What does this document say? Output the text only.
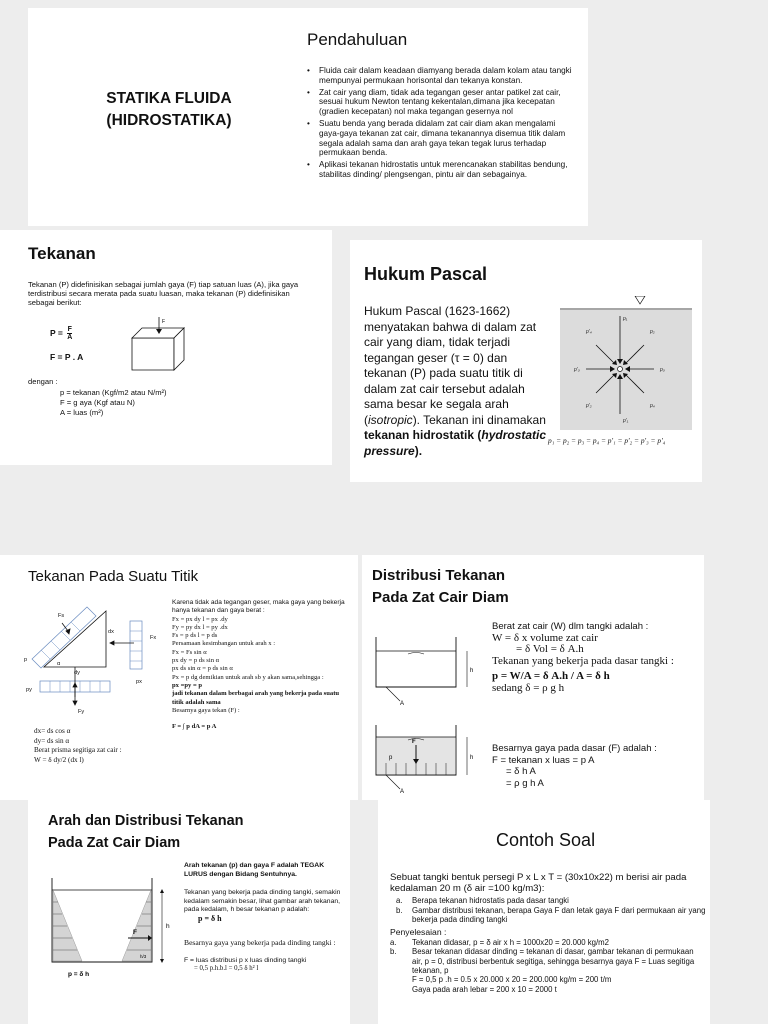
STATIKA FLUIDA
(HIDROSTATIKA)
Pendahuluan
• Fluida cair dalam keadaan diamyang berada dalam kolam atau tangki mempunyai permukaan horisontal dan tekanya konstan.
• Zat cair yang diam, tidak ada tegangan geser antar patikel zat cair, sesuai hukum Newton tentang kekentalan,dimana jika kecepatan (gradien kecepatan) nol maka tegangan gesernya nol
• Suatu benda yang berada didalam zat cair diam akan mengalami gaya-gaya tekanan zat cair, dimana tekanannya disemua titik dalam segala adalah sama dan arah gaya tekan tegak lurus terhadap permukaan benda.
• Aplikasi tekanan hidrostatis untuk merencanakan stabilitas bendung, stabilitas dinding/ plengsengan, pintu air dan sebagainya.
Tekanan
Tekanan (P) didefinisikan sebagai jumlah gaya (F) tiap satuan luas (A), jika gaya terdistribusi secara merata pada suatu luasan, maka tekanan (P) didefinisikan sebagai berikut:
$P = \frac{F}{A}$
F = P . A
F
dengan :
p = tekanan (Kgf/m2 atau N/m²)
F = g aya (Kgf atau N)
A = luas (m²)
Hukum Pascal
Hukum Pascal (1623-1662) menyatakan bahwa di dalam zat cair yang diam, tidak terjadi tegangan geser (τ = 0) dan tekanan (P) pada suatu titik di dalam zat cair tersebut adalah sama besar ke segala arah (isotropic). Tekanan ini dinamakan tekanan hidrostatik (hydrostatic pressure).
p₁
p₂
p₃
p₄
p'₁
p'₂
p'₃
p'₄
p₁ = p₂ = p₃ = p₄ = p'₁ = p'₂ = p'₃ = p'₄
Tekanan Pada Suatu Titik
Fs
dx
dy
Fx
px
py
Fy
p
α
dx= ds cos α
dy= ds sin α
Berat prisma segitiga zat cair :
W = δ dy/2 (dx l)
Karena tidak ada tegangan geser, maka gaya yang bekerja hanya tekanan dan gaya berat :
Fx = px dy l = px .dy
Fy = py dx l = py .dx
Fs = p ds l = p ds
Persamaan kesimbangan untuk arah x :
Fx = Fs sin α
px dy = p ds sin α
px ds sin α = p ds sin α
Px = p dg demikian untuk arah sb y akan sama,sehingga :
px =py = p
jadi tekanan dalam berbagai arah yang bekerja pada suatu titik adalah sama
Besarnya gaya tekan (F) :
F = ∫ p dA = p A
Distribusi Tekanan
Pada Zat Cair Diam
h
A
F
p	h
A
Berat zat cair (W) dlm tangki adalah :
W = δ x volume zat cair
= δ Vol = δ A.h
Tekanan yang bekerja pada dasar tangki :
p = W/A = δ A.h / A = δ h
sedang δ = ρ g h
Besarnya gaya pada dasar (F) adalah :
F = tekanan x luas = p A
= δ h A
= ρ g h A
Arah dan Distribusi Tekanan
Pada Zat Cair Diam
F
h
h/3
p = δ h
Arah tekanan (p) dan gaya F adalah TEGAK LURUS dengan Bidang Sentuhnya.
Tekanan yang bekerja pada dinding tangki, semakin kedalam semakin besar, lihat gambar arah tekanan, pada kedalam, h besar tekanan p adalah:
p = δ h
Besarnya gaya yang bekerja pada dinding tangki :
F = luas distribusi p x luas dinding tangki
= 0,5 p.h.b.l = 0,5 δ h² l
Contoh Soal
Sebuat tangki bentuk persegi P x L x T = (30x10x22) m berisi air pada kedalaman 20 m (δ air =100 kg/m3):
a.	Berapa tekanan hidrostatis pada dasar tangki
b.	Gambar distribusi tekanan, berapa Gaya F dan letak gaya F dari permukaan air yang bekerja pada dinding tangki
Penyelesaian :
a.	Tekanan didasar, p = δ air x h = 1000x20 = 20.000 kg/m2
b.	Besar tekanan didasar dinding = tekanan di dasar, gambar tekanan di permukaan air, p = 0, distribusi berbentuk segitiga, sehingga besarnya gaya F = Luas segitiga tekanan, p
F = 0,5 p .h = 0.5 x 20.000 x 20 = 200.000 kg/m = 200 t/m
Gaya pada arah lebar = 200 x 10 = 2000 t
